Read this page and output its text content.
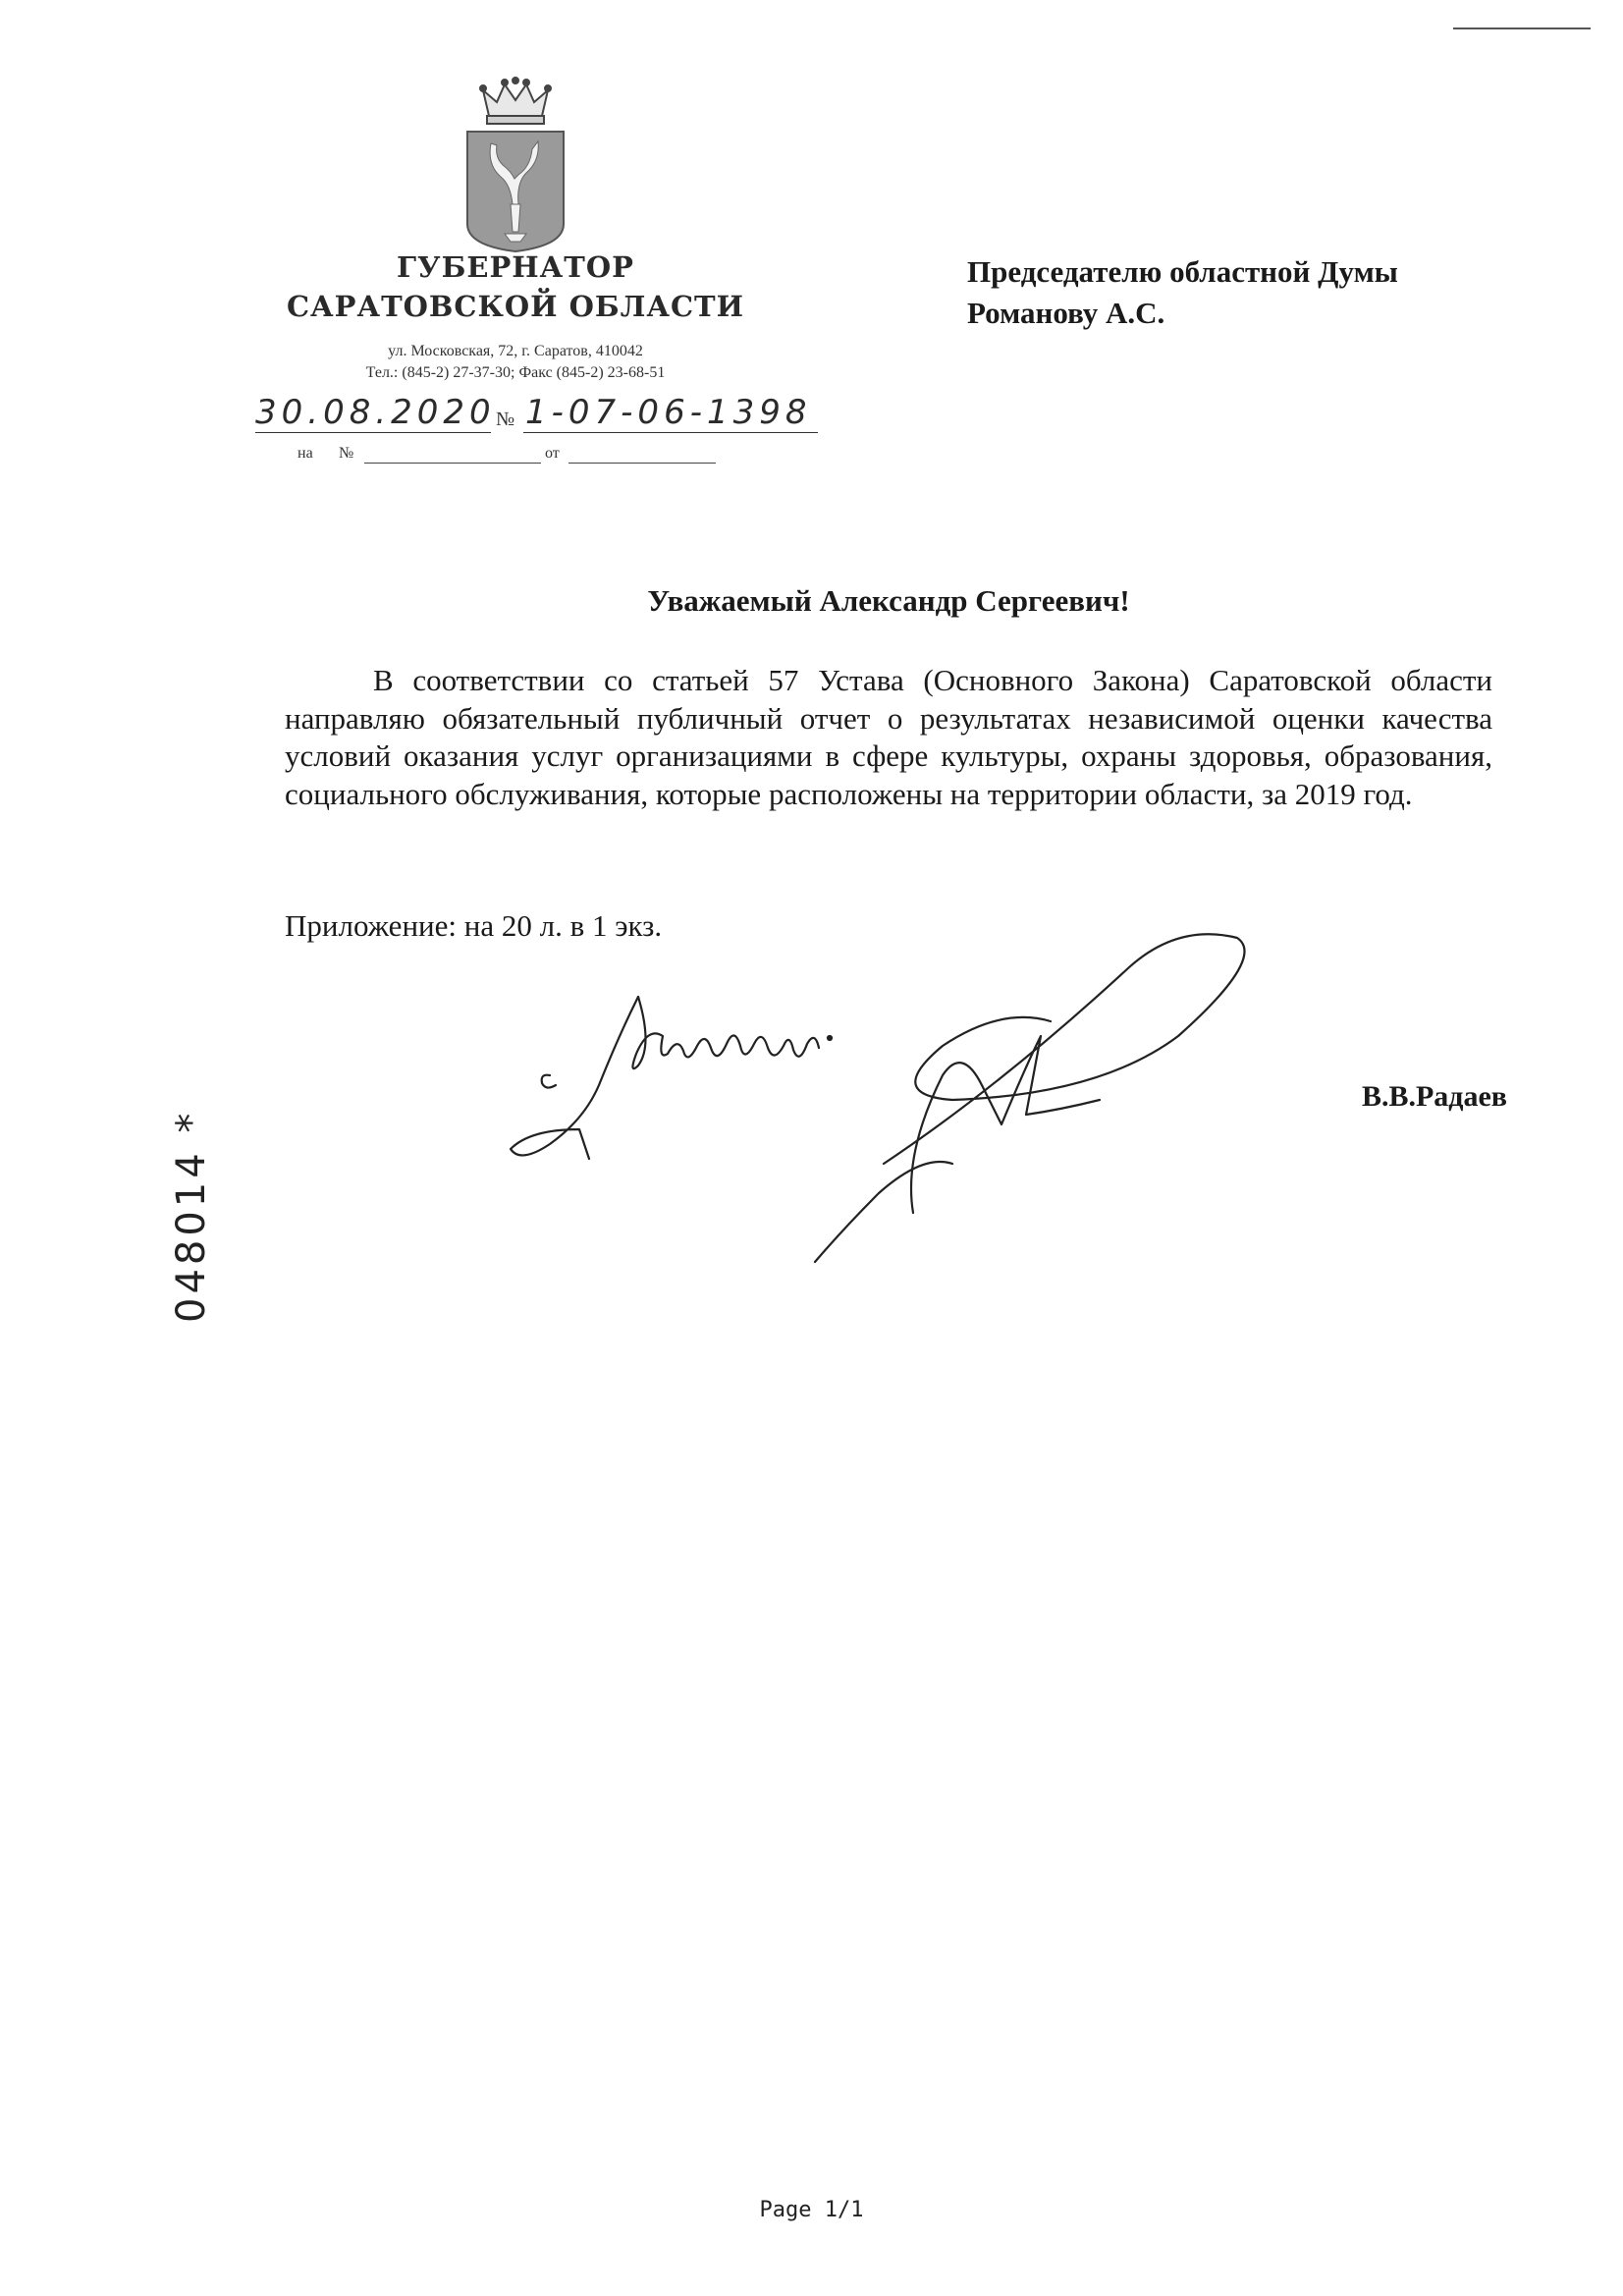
ГУБЕРНАТОР
САРАТОВСКОЙ ОБЛАСТИ
ул. Московская, 72, г. Саратов, 410042
Тел.: (845-2) 27-37-30; Факс (845-2) 23-68-51
30.08.2020 № 1-07-06-1398
на №	от
Председателю областной Думы
Романову А.С.
Уважаемый Александр Сергеевич!
В соответствии со статьей 57 Устава (Основного Закона) Саратовской области направляю обязательный публичный отчет о результатах независимой оценки качества условий оказания услуг организациями в сфере культуры, охраны здоровья, образования, социального обслуживания, которые расположены на территории области, за 2019 год.
Приложение: на 20 л. в 1 экз.
В.В.Радаев
048014 *
Page 1/1
